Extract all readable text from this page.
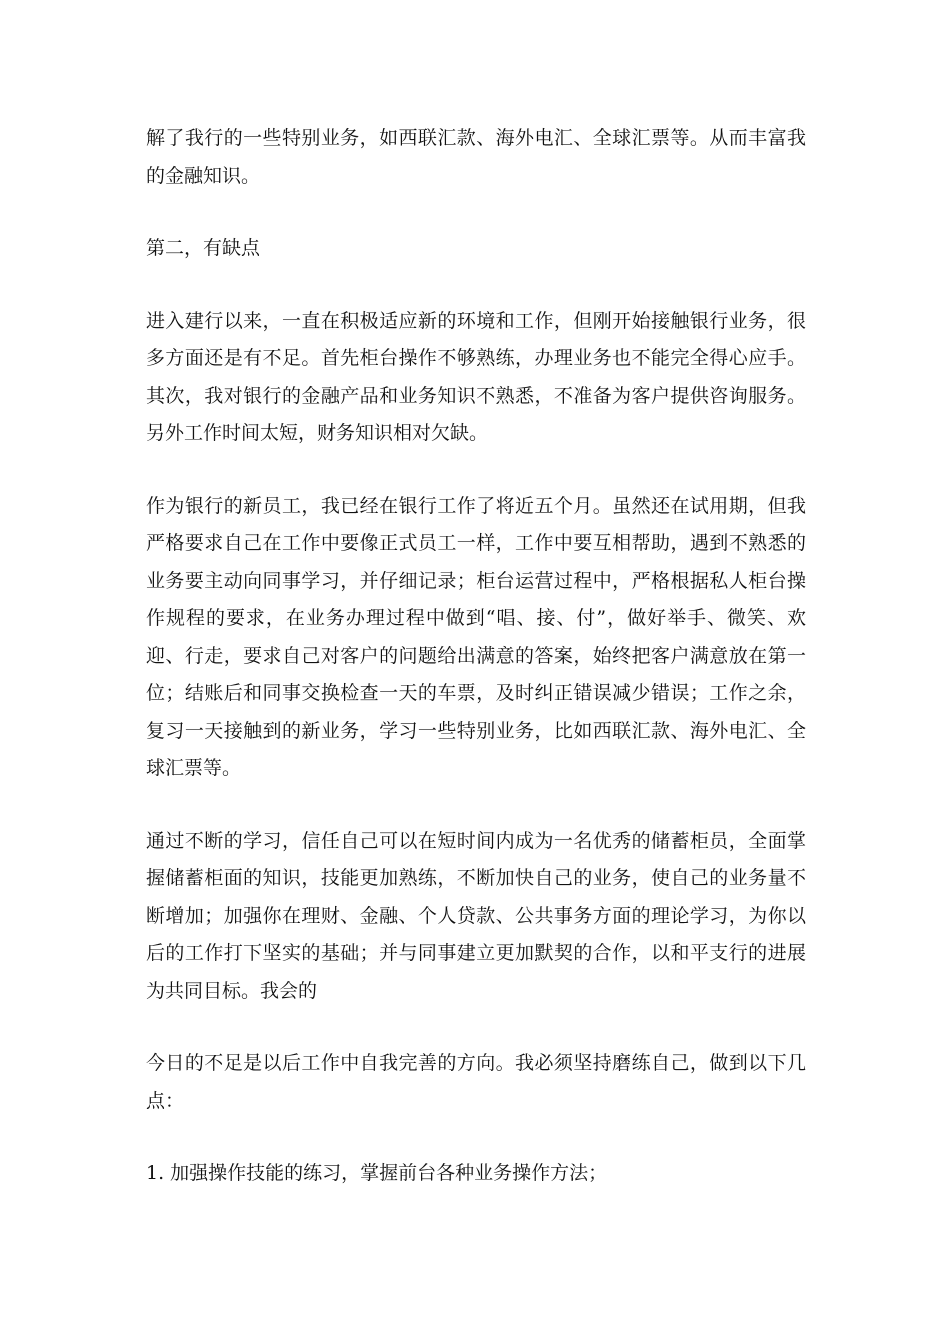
解了我行的一些特别业务，如西联汇款、海外电汇、全球汇票等。从而丰富我的金融知识。

第二，有缺点

进入建行以来，一直在积极适应新的环境和工作，但刚开始接触银行业务，很多方面还是有不足。首先柜台操作不够熟练，办理业务也不能完全得心应手。其次，我对银行的金融产品和业务知识不熟悉，不准备为客户提供咨询服务。另外工作时间太短，财务知识相对欠缺。

作为银行的新员工，我已经在银行工作了将近五个月。虽然还在试用期，但我严格要求自己在工作中要像正式员工一样，工作中要互相帮助，遇到不熟悉的业务要主动向同事学习，并仔细记录；柜台运营过程中，严格根据私人柜台操作规程的要求，在业务办理过程中做到“唱、接、付”，做好举手、微笑、欢迎、行走，要求自己对客户的问题给出满意的答案，始终把客户满意放在第一位；结账后和同事交换检查一天的车票，及时纠正错误减少错误；工作之余，复习一天接触到的新业务，学习一些特别业务，比如西联汇款、海外电汇、全球汇票等。

通过不断的学习，信任自己可以在短时间内成为一名优秀的储蓄柜员，全面掌握储蓄柜面的知识，技能更加熟练，不断加快自己的业务，使自己的业务量不断增加；加强你在理财、金融、个人贷款、公共事务方面的理论学习，为你以后的工作打下坚实的基础；并与同事建立更加默契的合作，以和平支行的进展为共同目标。我会的

今日的不足是以后工作中自我完善的方向。我必须坚持磨练自己，做到以下几点：

1. 加强操作技能的练习，掌握前台各种业务操作方法；
